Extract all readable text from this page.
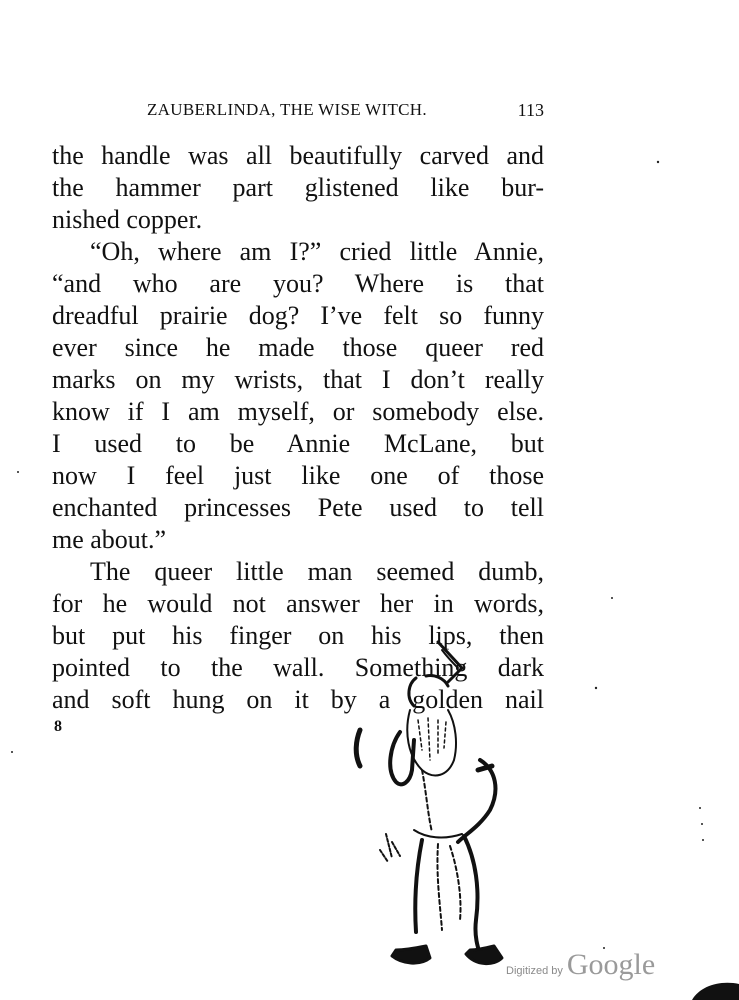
ZAUBERLINDA, THE WISE WITCH.	113
the handle was all beautifully carved and
the hammer part glistened like bur-
nished copper.
“Oh, where am I?” cried little Annie,
“and who are you? Where is that
dreadful prairie dog? I’ve felt so funny
ever since he made those queer red
marks on my wrists, that I don’t really
know if I am myself, or somebody else.
I used to be Annie McLane, but
now I feel just like one of those
enchanted princesses Pete used to tell
me about.”
The queer little man seemed dumb,
for he would not answer her in words,
but put his finger on his lips, then
pointed to the wall. Something dark
and soft hung on it by a golden nail
8
Digitized by Google
